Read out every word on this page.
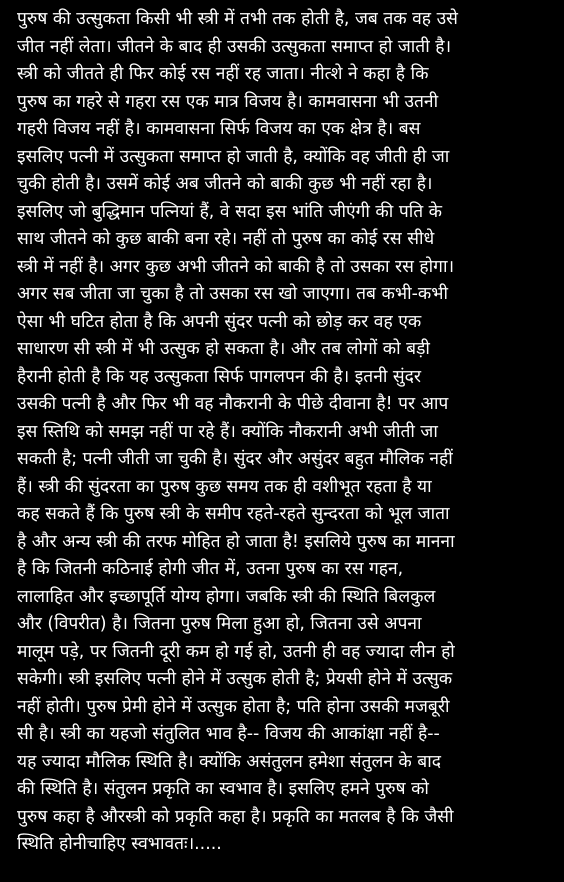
पुरुष की उत्सुकता किसी भी स्त्री में तभी तक होती है, जब तक वह उसे
जीत नहीं लेता। जीतने के बाद ही उसकी उत्सुकता समाप्त हो जाती है।
स्त्री को जीतते ही फिर कोई रस नहीं रह जाता। नीत्शे ने कहा है कि
पुरुष का गहरे से गहरा रस एक मात्र विजय है। कामवासना भी उतनी
गहरी विजय नहीं है। कामवासना सिर्फ विजय का एक क्षेत्र है। बस
इसलिए पत्नी में उत्सुकता समाप्त हो जाती है, क्योंकि वह जीती ही जा
चुकी होती है। उसमें कोई अब जीतने को बाकी कुछ भी नहीं रहा है।
इसलिए जो बुद्धिमान पत्नियां हैं, वे सदा इस भांति जीएंगी की पति के
साथ जीतने को कुछ बाकी बना रहे। नहीं तो पुरुष का कोई रस सीधे
स्त्री में नहीं है। अगर कुछ अभी जीतने को बाकी है तो उसका रस होगा।
अगर सब जीता जा चुका है तो उसका रस खो जाएगा। तब कभी-कभी
ऐसा भी घटित होता है कि अपनी सुंदर पत्नी को छोड़ कर वह एक
साधारण सी स्त्री में भी उत्सुक हो सकता है। और तब लोगों को बड़ी
हैरानी होती है कि यह उत्सुकता सिर्फ पागलपन की है। इतनी सुंदर
उसकी पत्नी है और फिर भी वह नौकरानी के पीछे दीवाना है! पर आप
इस स्तिथि को समझ नहीं पा रहे हैं। क्योंकि नौकरानी अभी जीती जा
सकती है; पत्नी जीती जा चुकी है। सुंदर और असुंदर बहुत मौलिक नहीं
हैं। स्त्री की सुंदरता का पुरुष कुछ समय तक ही वशीभूत रहता है या
कह सकते हैं कि पुरुष स्त्री के समीप रहते-रहते सुन्दरता को भूल जाता
है और अन्य स्त्री की तरफ मोहित हो जाता है! इसलिये पुरुष का मानना
है कि जितनी कठिनाई होगी जीत में, उतना पुरुष का रस गहन,
लालाहित और इच्छापूर्ति योग्य होगा। जबकि स्त्री की स्थिति बिलकुल
और (विपरीत) है। जितना पुरुष मिला हुआ हो, जितना उसे अपना
मालूम पड़े, पर जितनी दूरी कम हो गई हो, उतनी ही वह ज्यादा लीन हो
सकेगी। स्त्री इसलिए पत्नी होने में उत्सुक होती है; प्रेयसी होने में उत्सुक
नहीं होती। पुरुष प्रेमी होने में उत्सुक होता है; पति होना उसकी मजबूरी
सी है। स्त्री का यहजो संतुलित भाव है-- विजय की आकांक्षा नहीं है--
यह ज्यादा मौलिक स्थिति है। क्योंकि असंतुलन हमेशा संतुलन के बाद
की स्थिति है। संतुलन प्रकृति का स्वभाव है। इसलिए हमने पुरुष को
पुरुष कहा है औरस्त्री को प्रकृति कहा है। प्रकृति का मतलब है कि जैसी
स्थिति होनीचाहिए स्वभावतः।.....
